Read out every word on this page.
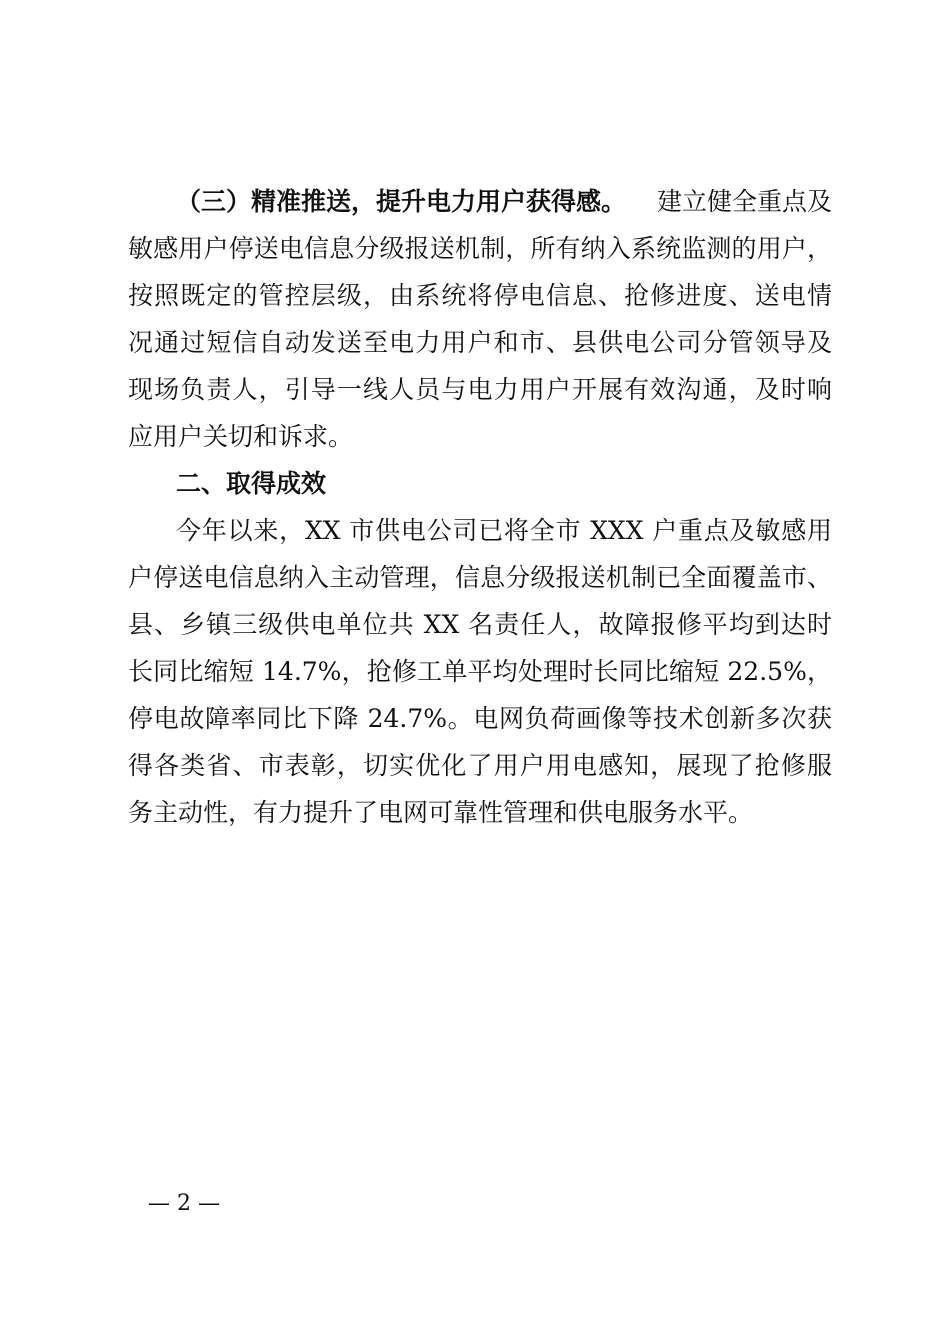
（三）精准推送，提升电力用户获得感。 建立健全重点及
敏感用户停送电信息分级报送机制，所有纳入系统监测的用户，
按照既定的管控层级，由系统将停电信息、抢修进度、送电情
况通过短信自动发送至电力用户和市、县供电公司分管领导及
现场负责人，引导一线人员与电力用户开展有效沟通，及时响
应用户关切和诉求。
二、取得成效
今年以来，XX 市供电公司已将全市 XXX 户重点及敏感用
户停送电信息纳入主动管理，信息分级报送机制已全面覆盖市、
县、乡镇三级供电单位共 XX 名责任人，故障报修平均到达时
长同比缩短 14.7%，抢修工单平均处理时长同比缩短 22.5%，
停电故障率同比下降 24.7%。电网负荷画像等技术创新多次获
得各类省、市表彰，切实优化了用户用电感知，展现了抢修服
务主动性，有力提升了电网可靠性管理和供电服务水平。
— 2 —
